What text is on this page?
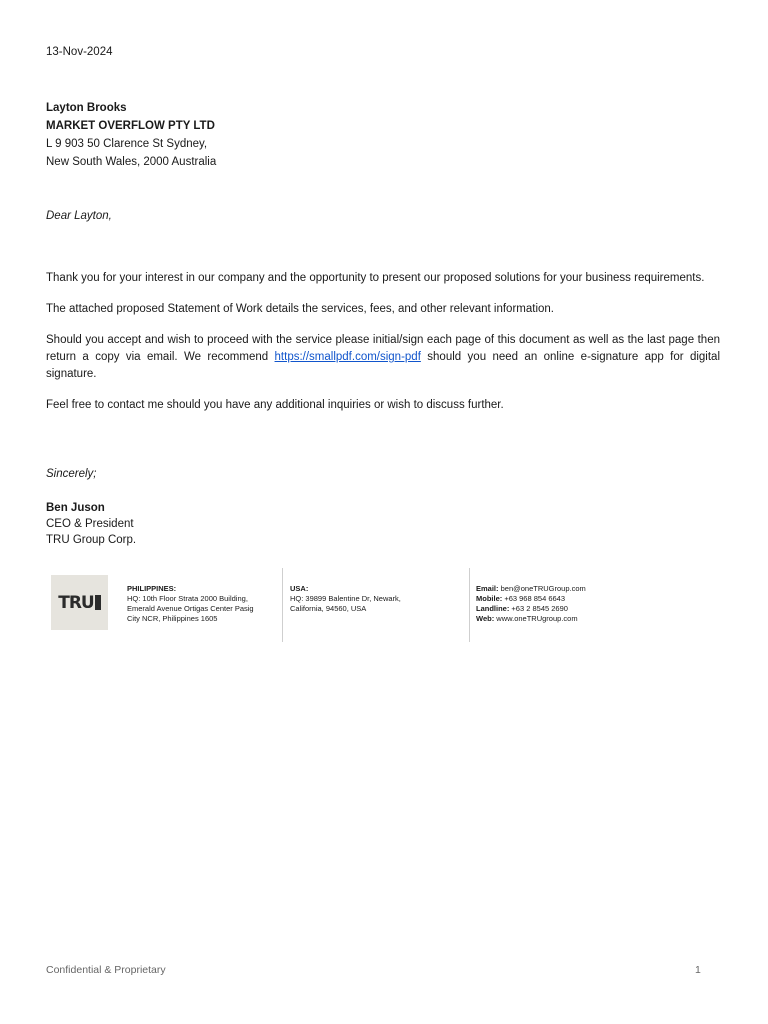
13-Nov-2024
Layton Brooks
MARKET OVERFLOW PTY LTD
L 9 903 50 Clarence St Sydney,
New South Wales, 2000 Australia
Dear Layton,

Thank you for your interest in our company and the opportunity to present our proposed solutions for your business requirements.

The attached proposed Statement of Work details the services, fees, and other relevant information.

Should you accept and wish to proceed with the service please initial/sign each page of this document as well as the last page then return a copy via email. We recommend https://smallpdf.com/sign-pdf should you need an online e-signature app for digital signature.

Feel free to contact me should you have any additional inquiries or wish to discuss further.

Sincerely;
Ben Juson
CEO & President
TRU Group Corp.
TRU
PHILIPPINES:
HQ: 10th Floor Strata 2000 Building,
Emerald Avenue Ortigas Center Pasig
City NCR, Philippines 1605
USA:
HQ: 39899 Balentine Dr, Newark,
California, 94560, USA
Email: ben@oneTRUGroup.com
Mobile: +63 968 854 6643
Landline: +63 2 8545 2690
Web: www.oneTRUgroup.com
Confidential & Proprietary	1
